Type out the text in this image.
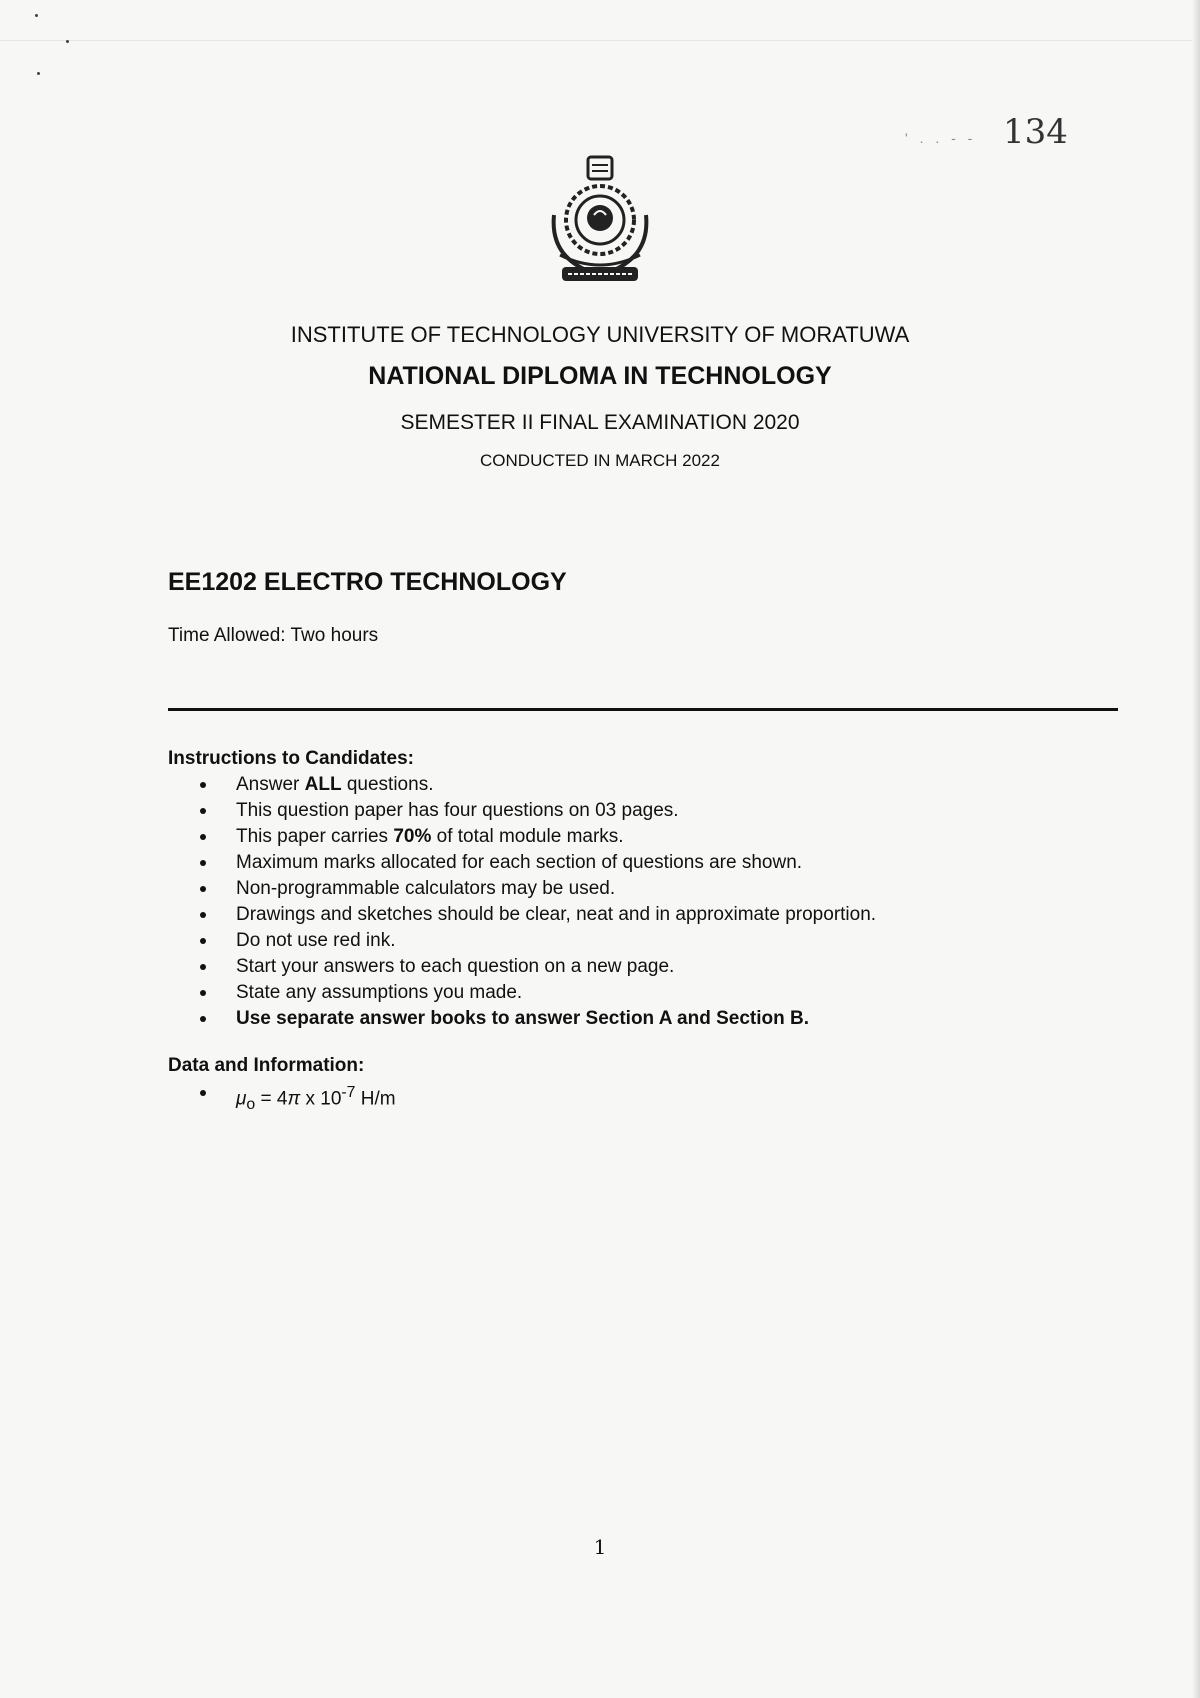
' . . - - 134
INSTITUTE OF TECHNOLOGY UNIVERSITY OF MORATUWA
NATIONAL DIPLOMA IN TECHNOLOGY
SEMESTER II FINAL EXAMINATION 2020
CONDUCTED IN MARCH 2022
EE1202 ELECTRO TECHNOLOGY
Time Allowed: Two hours
Instructions to Candidates:
Answer ALL questions.
This question paper has four questions on 03 pages.
This paper carries 70% of total module marks.
Maximum marks allocated for each section of questions are shown.
Non-programmable calculators may be used.
Drawings and sketches should be clear, neat and in approximate proportion.
Do not use red ink.
Start your answers to each question on a new page.
State any assumptions you made.
Use separate answer books to answer Section A and Section B.
Data and Information:
$\mu_o = 4\pi$ x $10^{-7}$ H/m
1
